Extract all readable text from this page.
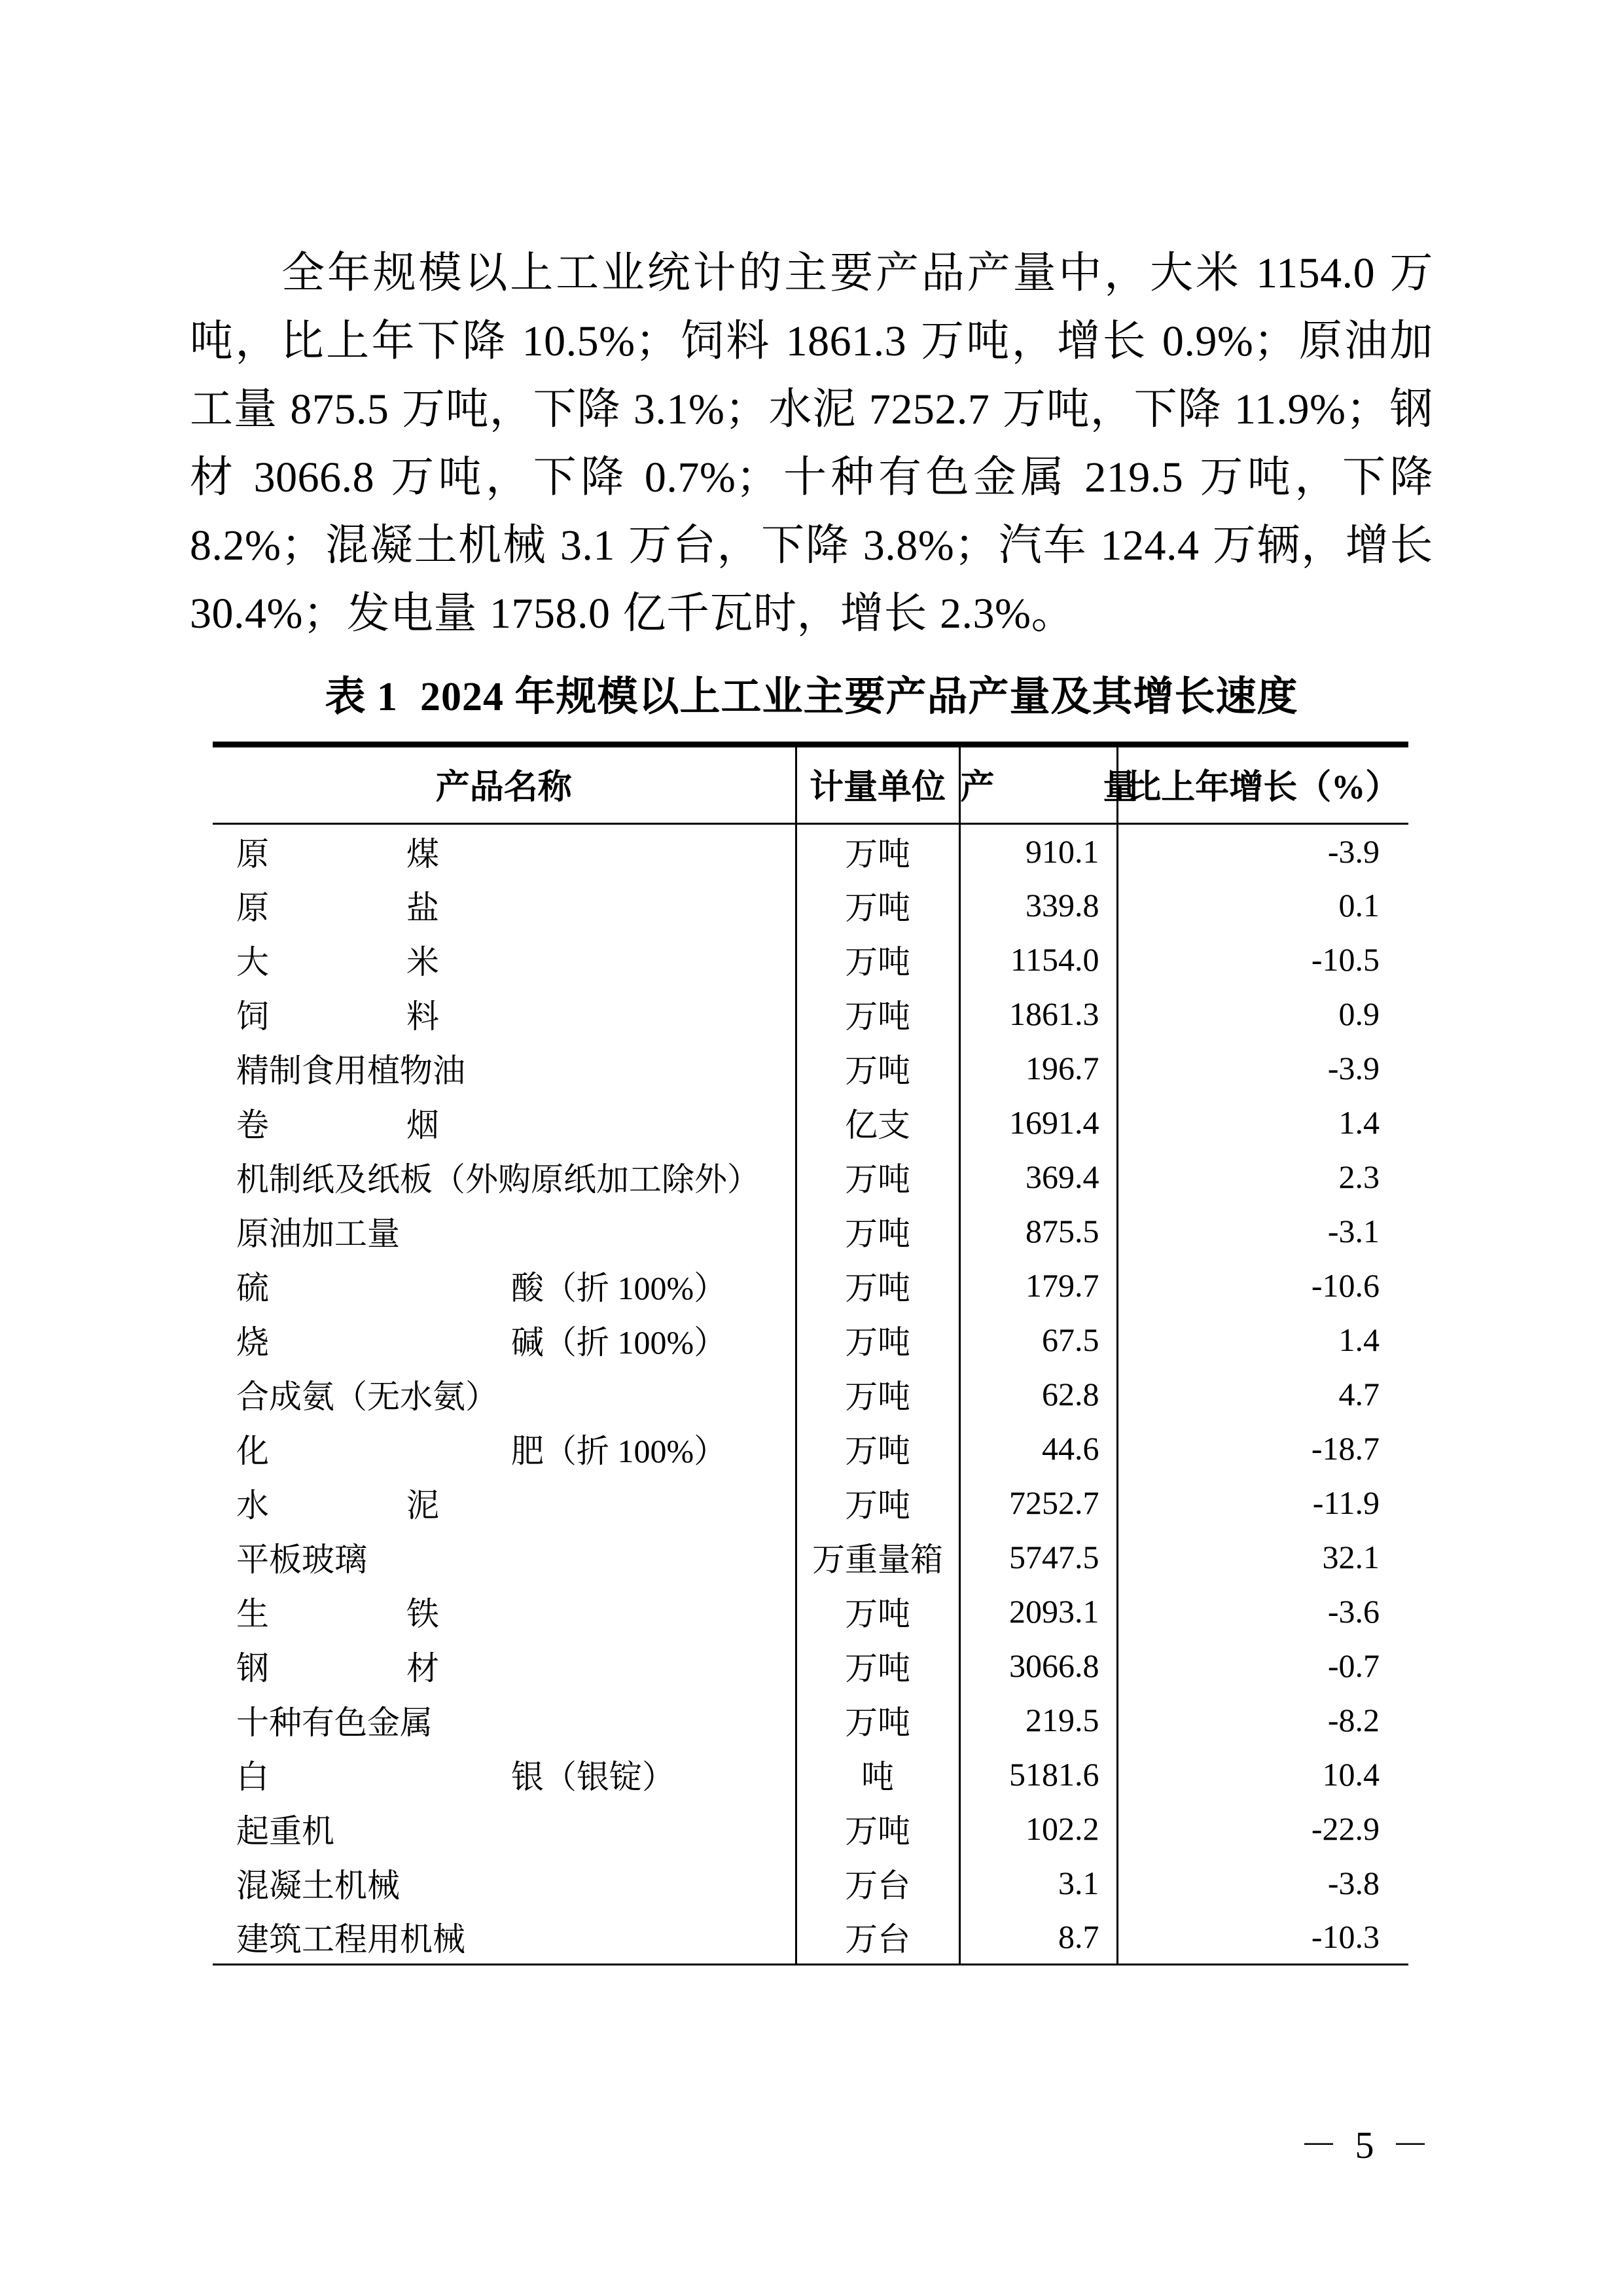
全年规模以上工业统计的主要产品产量中，大米 1154.0 万吨，比上年下降 10.5%；饲料 1861.3 万吨，增长 0.9%；原油加工量 875.5 万吨，下降 3.1%；水泥 7252.7 万吨，下降 11.9%；钢材 3066.8 万吨，下降 0.7%；十种有色金属 219.5 万吨，下降 8.2%；混凝土机械 3.1 万台，下降 3.8%；汽车 124.4 万辆，增长 30.4%；发电量 1758.0 亿千瓦时，增长 2.3%。

表 1 2024 年规模以上工业主要产品产量及其增长速度
产品名称	计量单位	产　量	比上年增长（%）
原煤	万吨	910.1	-3.9
原盐	万吨	339.8	0.1
大米	万吨	1154.0	-10.5
饲料	万吨	1861.3	0.9
精制食用植物油	万吨	196.7	-3.9
卷烟	亿支	1691.4	1.4
机制纸及纸板（外购原纸加工除外）	万吨	369.4	2.3
原油加工量	万吨	875.5	-3.1
硫　酸（折 100%）	万吨	179.7	-10.6
烧　碱（折 100%）	万吨	67.5	1.4
合成氨（无水氨）	万吨	62.8	4.7
化　肥（折 100%）	万吨	44.6	-18.7
水泥	万吨	7252.7	-11.9
平板玻璃	万重量箱	5747.5	32.1
生铁	万吨	2093.1	-3.6
钢材	万吨	3066.8	-0.7
十种有色金属	万吨	219.5	-8.2
白　银（银锭）	吨	5181.6	10.4
起重机	万吨	102.2	-22.9
混凝土机械	万台	3.1	-3.8
建筑工程用机械	万台	8.7	-10.3
－ 5 －
